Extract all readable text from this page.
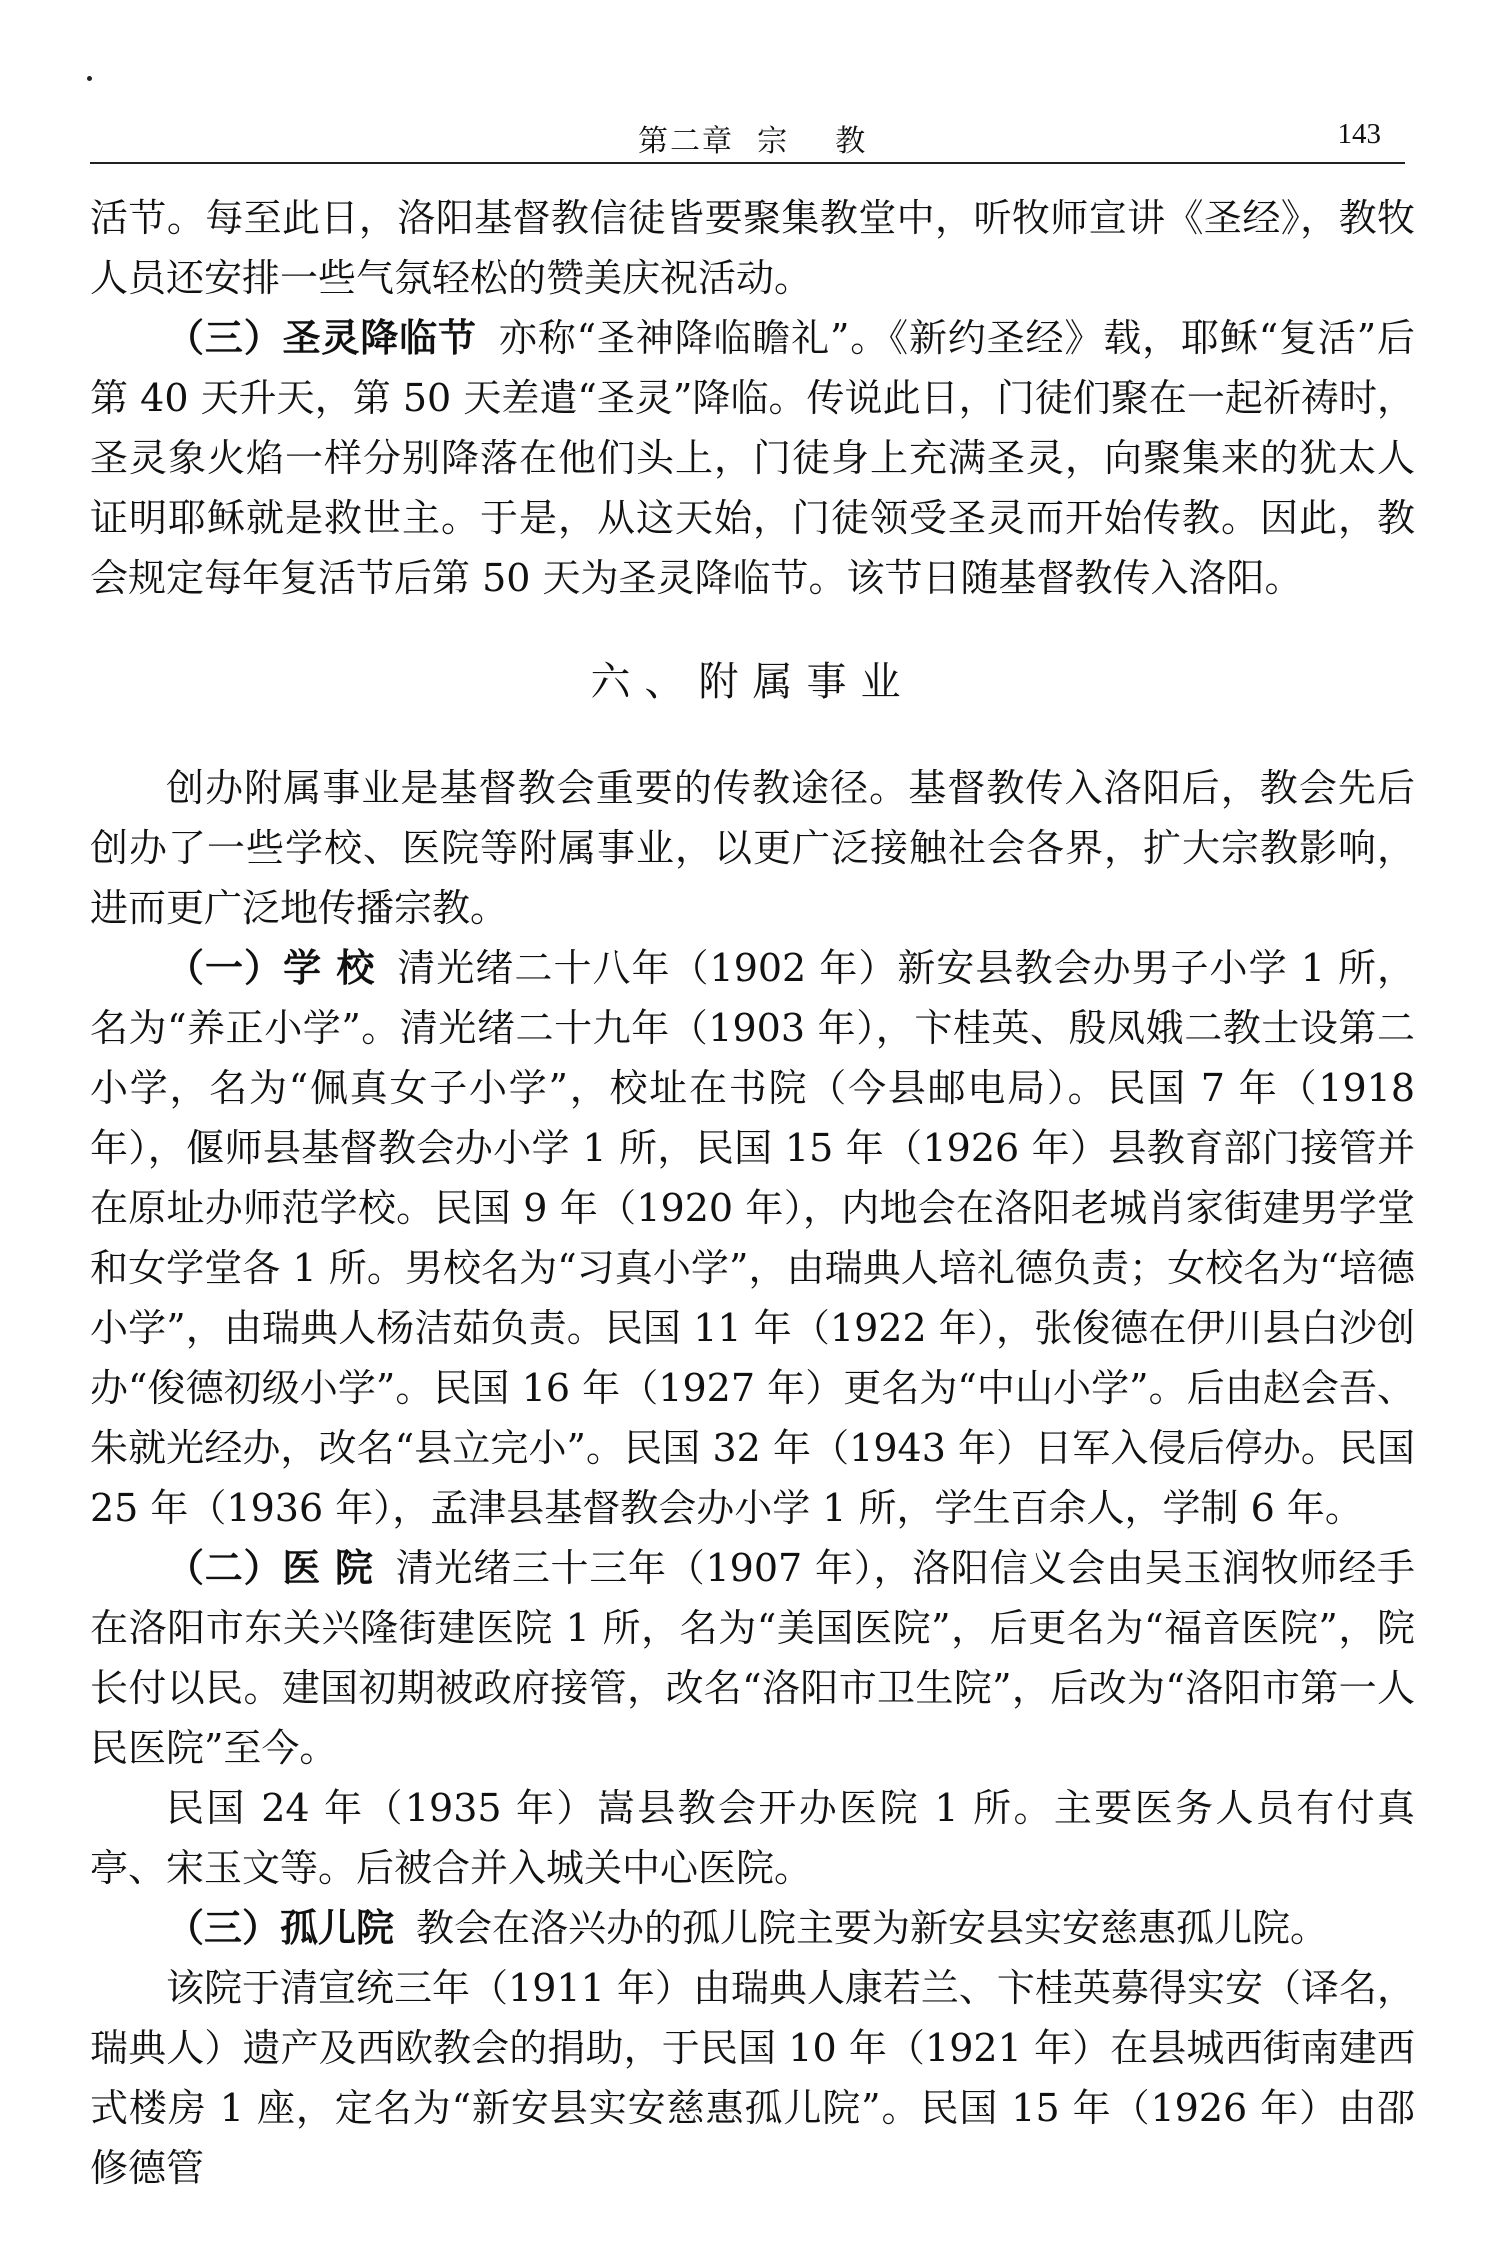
第二章  宗    教	143

活节。每至此日，洛阳基督教信徒皆要聚集教堂中，听牧师宣讲《圣经》，教牧人员还安排一些气氛轻松的赞美庆祝活动。

（三）圣灵降临节 亦称“圣神降临瞻礼”。《新约圣经》载，耶稣“复活”后第 40 天升天，第 50 天差遣“圣灵”降临。传说此日，门徒们聚在一起祈祷时，圣灵象火焰一样分别降落在他们头上，门徒身上充满圣灵，向聚集来的犹太人证明耶稣就是救世主。于是，从这天始，门徒领受圣灵而开始传教。因此，教会规定每年复活节后第 50 天为圣灵降临节。该节日随基督教传入洛阳。

六、附属事业

创办附属事业是基督教会重要的传教途径。基督教传入洛阳后，教会先后创办了一些学校、医院等附属事业，以更广泛接触社会各界，扩大宗教影响，进而更广泛地传播宗教。

（一）学 校 清光绪二十八年（1902 年）新安县教会办男子小学 1 所，名为“养正小学”。清光绪二十九年（1903 年），卞桂英、殷凤娥二教士设第二小学，名为“佩真女子小学”，校址在书院（今县邮电局）。民国 7 年（1918 年），偃师县基督教会办小学 1 所，民国 15 年（1926 年）县教育部门接管并在原址办师范学校。民国 9 年（1920 年），内地会在洛阳老城肖家街建男学堂和女学堂各 1 所。男校名为“习真小学”，由瑞典人培礼德负责；女校名为“培德小学”，由瑞典人杨洁茹负责。民国 11 年（1922 年），张俊德在伊川县白沙创办“俊德初级小学”。民国 16 年（1927 年）更名为“中山小学”。后由赵会吾、朱就光经办，改名“县立完小”。民国 32 年（1943 年）日军入侵后停办。民国 25 年（1936 年），孟津县基督教会办小学 1 所，学生百余人，学制 6 年。

（二）医 院 清光绪三十三年（1907 年），洛阳信义会由吴玉润牧师经手在洛阳市东关兴隆街建医院 1 所，名为“美国医院”，后更名为“福音医院”，院长付以民。建国初期被政府接管，改名“洛阳市卫生院”，后改为“洛阳市第一人民医院”至今。

民国 24 年（1935 年）嵩县教会开办医院 1 所。主要医务人员有付真亭、宋玉文等。后被合并入城关中心医院。

（三）孤儿院 教会在洛兴办的孤儿院主要为新安县实安慈惠孤儿院。

该院于清宣统三年（1911 年）由瑞典人康若兰、卞桂英募得实安（译名，瑞典人）遗产及西欧教会的捐助，于民国 10 年（1921 年）在县城西街南建西式楼房 1 座，定名为“新安县实安慈惠孤儿院”。民国 15 年（1926 年）由邵修德管
